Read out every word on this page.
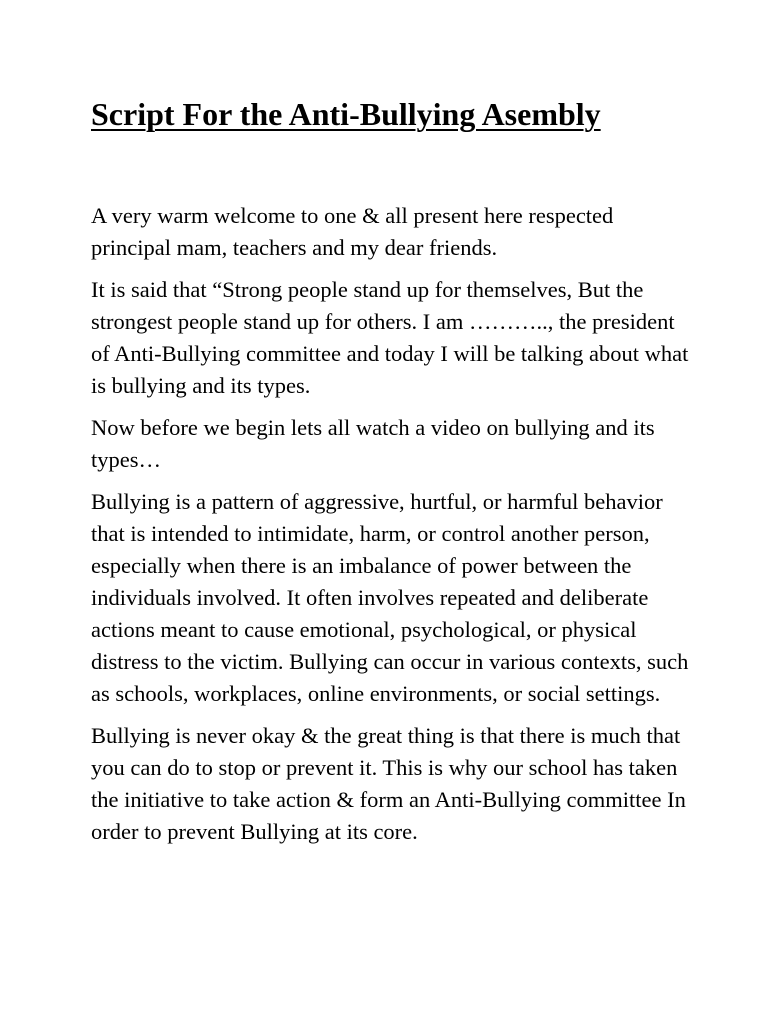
Script For the Anti-Bullying Asembly

A very warm welcome to one & all present here respected principal mam, teachers and my dear friends.

It is said that “Strong people stand up for themselves, But the strongest people stand up for others. I am ……….., the president of Anti-Bullying committee and today I will be talking about what is bullying and its types.

Now before we begin lets all watch a video on bullying and its types…

Bullying is a pattern of aggressive, hurtful, or harmful behavior that is intended to intimidate, harm, or control another person, especially when there is an imbalance of power between the individuals involved. It often involves repeated and deliberate actions meant to cause emotional, psychological, or physical distress to the victim. Bullying can occur in various contexts, such as schools, workplaces, online environments, or social settings.

Bullying is never okay & the great thing is that there is much that you can do to stop or prevent it. This is why our school has taken the initiative to take action & form an Anti-Bullying committee In order to prevent Bullying at its core.
